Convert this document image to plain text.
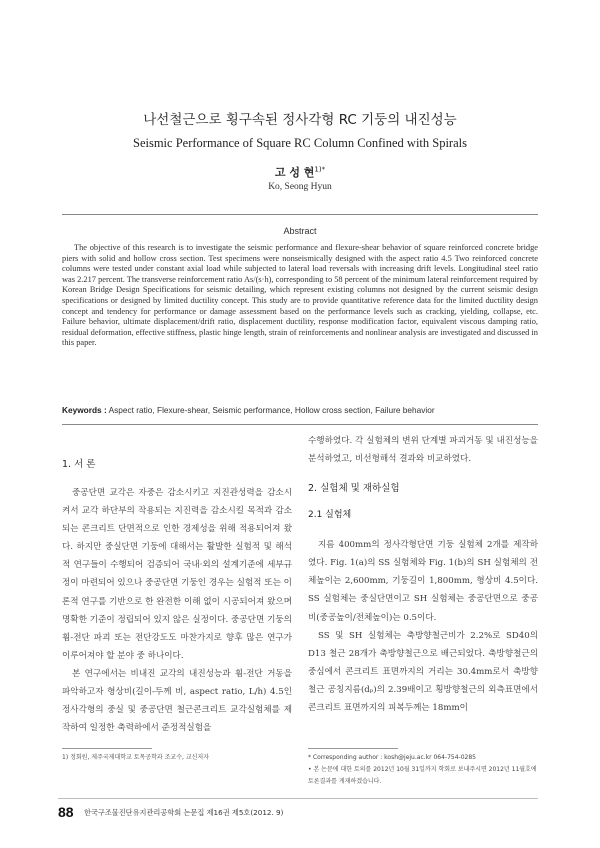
나선철근으로 횡구속된 정사각형 RC 기둥의 내진성능
Seismic Performance of Square RC Column Confined with Spirals
고 성 현$^{1)*}$
Ko, Seong Hyun
Abstract

The objective of this research is to investigate the seismic performance and flexure-shear behavior of square reinforced concrete bridge piers with solid and hollow cross section. Test specimens were nonseismically designed with the aspect ratio 4.5 Two reinforced concrete columns were tested under constant axial load while subjected to lateral load reversals with increasing drift levels. Longitudinal steel ratio was 2.217 percent. The transverse reinforcement ratio As/(s·h), corresponding to 58 percent of the minimum lateral reinforcement required by Korean Bridge Design Specifications for seismic detailing, which represent existing columns not designed by the current seismic design specifications or designed by limited ductility concept. This study are to provide quantitative reference data for the limited ductility design concept and tendency for performance or damage assessment based on the performance levels such as cracking, yielding, collapse, etc. Failure behavior, ultimate displacement/drift ratio, displacement ductility, response modification factor, equivalent viscous damping ratio, residual deformation, effective stiffness, plastic hinge length, strain of reinforcements and nonlinear analysis are investigated and discussed in this paper.

Keywords : Aspect ratio, Flexure-shear, Seismic performance, Hollow cross section, Failure behavior
1. 서 론

중공단면 교각은 자중은 감소시키고 지진관성력을 감소시켜서 교각 하단부의 작용되는 지진력을 감소시킬 목적과 감소되는 콘크리트 단면적으로 인한 경제성을 위해 적용되어져 왔다. 하지만 중실단면 기둥에 대해서는 활발한 실험적 및 해석적 연구들이 수행되어 검증되어 국내·외의 설계기준에 세부규정이 마련되어 있으나 중공단면 기둥인 경우는 실험적 또는 이론적 연구를 기반으로 한 완전한 이해 없이 시공되어져 왔으며 명확한 기준이 정립되어 있지 않은 실정이다. 중공단면 기둥의 휨-전단 파괴 또는 전단강도도 마찬가지로 향후 많은 연구가 이루어져야 할 분야 중 하나이다.

본 연구에서는 비내진 교각의 내진성능과 휨-전단 거동을 파악하고자 형상비(길이-두께 비, aspect ratio, L/h) 4.5인 정사각형의 중실 및 중공단면 철근콘크리트 교각실험체를 제작하여 일정한 축력하에서 준정적실험을

1) 정회원, 제주국제대학교 토목공학과 조교수, 교신저자

수행하였다. 각 실험체의 변위 단계별 파괴거동 및 내진성능을 분석하였고, 비선형해석 결과와 비교하였다.

2. 실험체 및 재하실험
2.1 실험체

지름 400mm의 정사각형단면 기둥 실험체 2개를 제작하였다. Fig. 1(a)의 SS 실험체와 Fig. 1(b)의 SH 실험체의 전체높이는 2,600mm, 기둥길이 1,800mm, 형상비 4.5이다. SS 실험체는 중실단면이고 SH 실험체는 중공단면으로 중공비(중공높이/전체높이)는 0.5이다.

SS 및 SH 실험체는 축방향철근비가 2.2%로 SD40의 D13 철근 28개가 축방향철근으로 배근되었다. 축방향철근의 중심에서 콘크리트 표면까지의 거리는 30.4mm로서 축방향철근 공칭지름(dₚ)의 2.39배이고 횡방향철근의 외측표면에서 콘크리트 표면까지의 피복두께는 18mm이

* Corresponding author : kosh@jeju.ac.kr 064-754-0285
• 본 논문에 대한 토의를 2012년 10월 31일까지 학회로 보내주시면 2012년 11월호에 토론결과를 게재하겠습니다.
88 한국구조물진단유지관리공학회 논문집 제16권 제5호(2012. 9)
